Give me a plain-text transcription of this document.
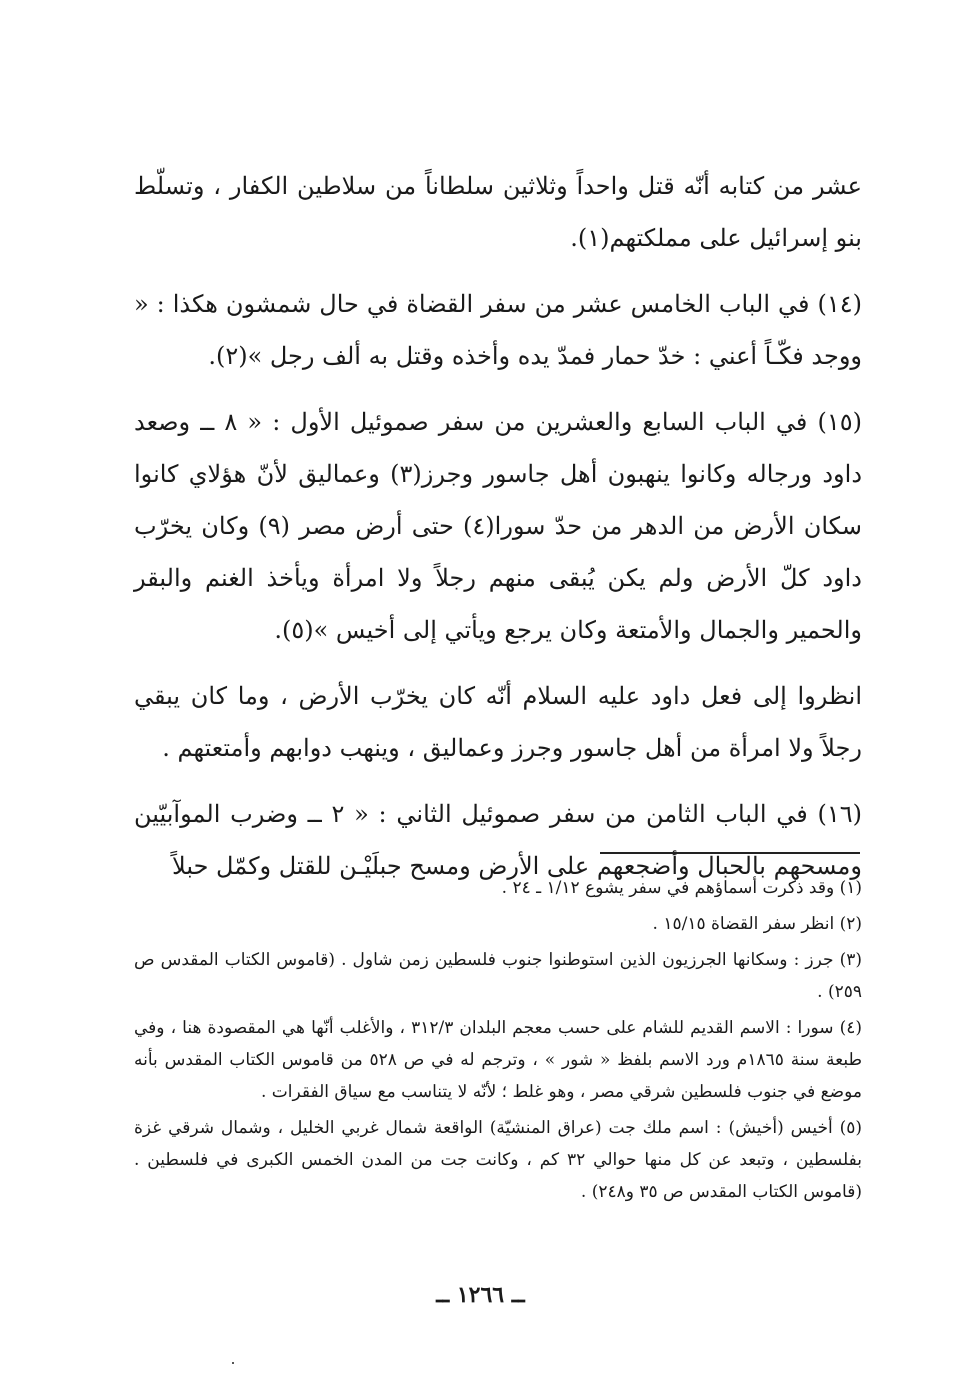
عشر من كتابه أنّه قتل واحداً وثلاثين سلطاناً من سلاطين الكفار ، وتسلّط بنو إسرائيل على مملكتهم(١).

(١٤) في الباب الخامس عشر من سفر القضاة في حال شمشون هكذا : « ووجد فكّـاً أعني : خدّ حمار فمدّ يده وأخذه وقتل به ألف رجل »(٢).

(١٥) في الباب السابع والعشرين من سفر صموئيل الأول : « ٨ ــ وصعد داود ورجاله وكانوا ينهبون أهل جاسور وجرز(٣) وعماليق لأنّ هؤلاي كانوا سكان الأرض من الدهر من حدّ سورا(٤) حتى أرض مصر (٩) وكان يخرّب داود كلّ الأرض ولم يكن يُبقى منهم رجلاً ولا امرأة ويأخذ الغنم والبقر والحمير والجمال والأمتعة وكان يرجع ويأتي إلى أخيس »(٥).

انظروا إلى فعل داود عليه السلام أنّه كان يخرّب الأرض ، وما كان يبقي رجلاً ولا امرأة من أهل جاسور وجرز وعماليق ، وينهب دوابهم وأمتعتهم .

(١٦) في الباب الثامن من سفر صموئيل الثاني : « ٢ ــ وضرب الموآبيّين ومسحهم بالحبال وأضجعهم على الأرض ومسح جبلَيْـن للقتل وكمّل حبلاً

(١) وقد ذكرت أسماؤهم في سفر يشوع ١/١٢ ـ ٢٤ .

(٢) انظر سفر القضاة ١٥/١٥ .

(٣) جرز : وسكانها الجرزيون الذين استوطنوا جنوب فلسطين زمن شاول . (قاموس الكتاب المقدس ص ٢٥٩) .

(٤) سورا : الاسم القديم للشام على حسب معجم البلدان ٣١٢/٣ ، والأغلب أنّها هي المقصودة هنا ، وفي طبعة سنة ١٨٦٥م ورد الاسم بلفظ « شور » ، وترجم له في ص ٥٢٨ من قاموس الكتاب المقدس بأنه موضع في جنوب فلسطين شرقي مصر ، وهو غلط ؛ لأنّه لا يتناسب مع سياق الفقرات .

(٥) أخيس (أخيش) : اسم ملك جت (عراق المنشيّة) الواقعة شمال غربي الخليل ، وشمال شرقي غزة بفلسطين ، وتبعد عن كل منها حوالي ٣٢ كم ، وكانت جت من المدن الخمس الكبرى في فلسطين . (قاموس الكتاب المقدس ص ٣٥ و٢٤٨) .

ــ ١٢٦٦ ــ
